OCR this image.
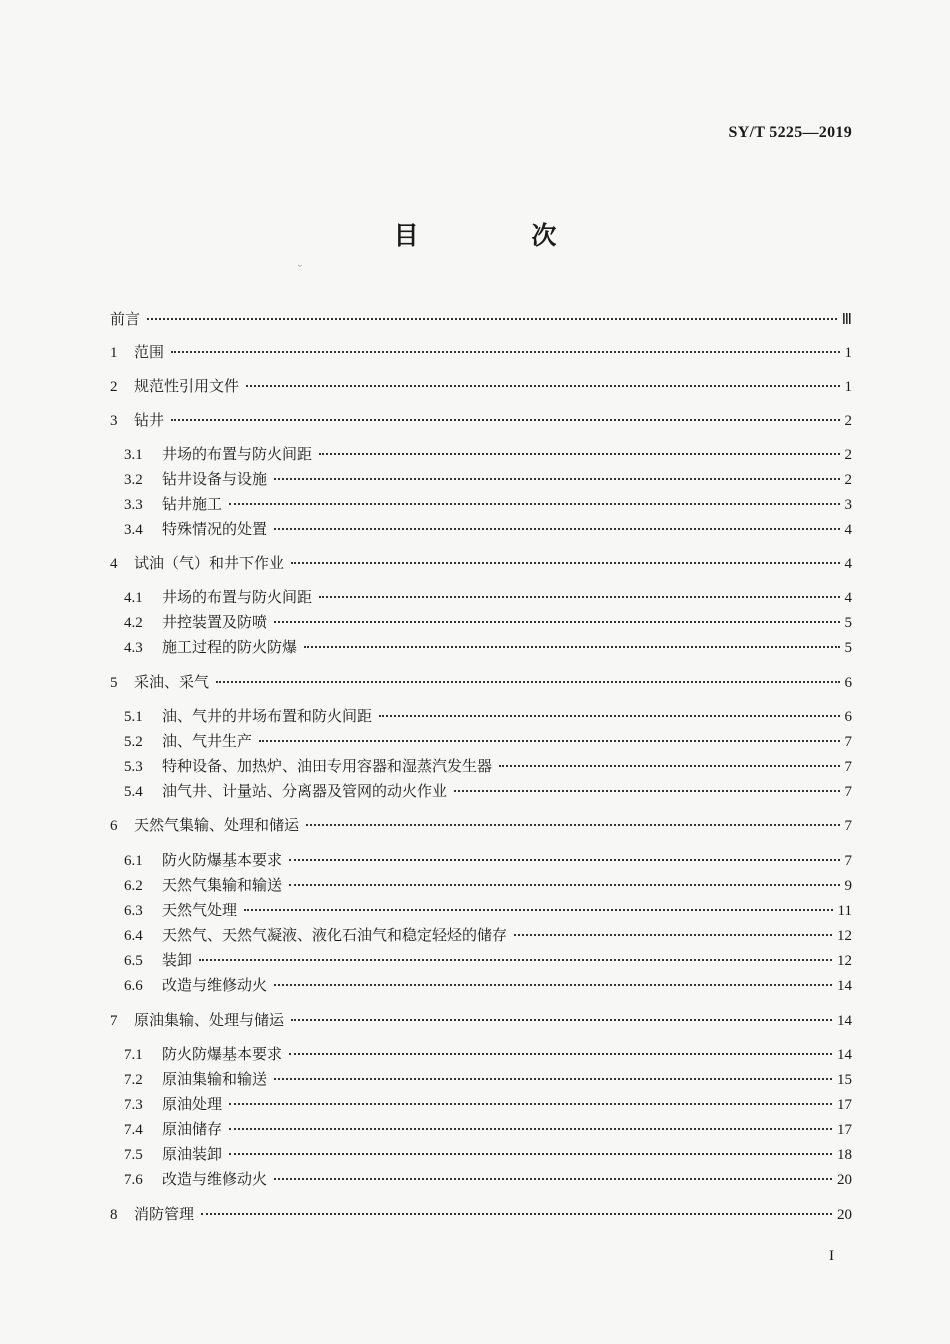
SY/T 5225—2019
目 次
ᵕ
前言	Ⅲ
1	范围	1
2	规范性引用文件	1
3	钻井	2
3.1	井场的布置与防火间距	2
3.2	钻井设备与设施	2
3.3	钻井施工	3
3.4	特殊情况的处置	4
4	试油（气）和井下作业	4
4.1	井场的布置与防火间距	4
4.2	井控装置及防喷	5
4.3	施工过程的防火防爆	5
5	采油、采气	6
5.1	油、气井的井场布置和防火间距	6
5.2	油、气井生产	7
5.3	特种设备、加热炉、油田专用容器和湿蒸汽发生器	7
5.4	油气井、计量站、分离器及管网的动火作业	7
6	天然气集输、处理和储运	7
6.1	防火防爆基本要求	7
6.2	天然气集输和输送	9
6.3	天然气处理	11
6.4	天然气、天然气凝液、液化石油气和稳定轻烃的储存	12
6.5	装卸	12
6.6	改造与维修动火	14
7	原油集输、处理与储运	14
7.1	防火防爆基本要求	14
7.2	原油集输和输送	15
7.3	原油处理	17
7.4	原油储存	17
7.5	原油装卸	18
7.6	改造与维修动火	20
8	消防管理	20
I
